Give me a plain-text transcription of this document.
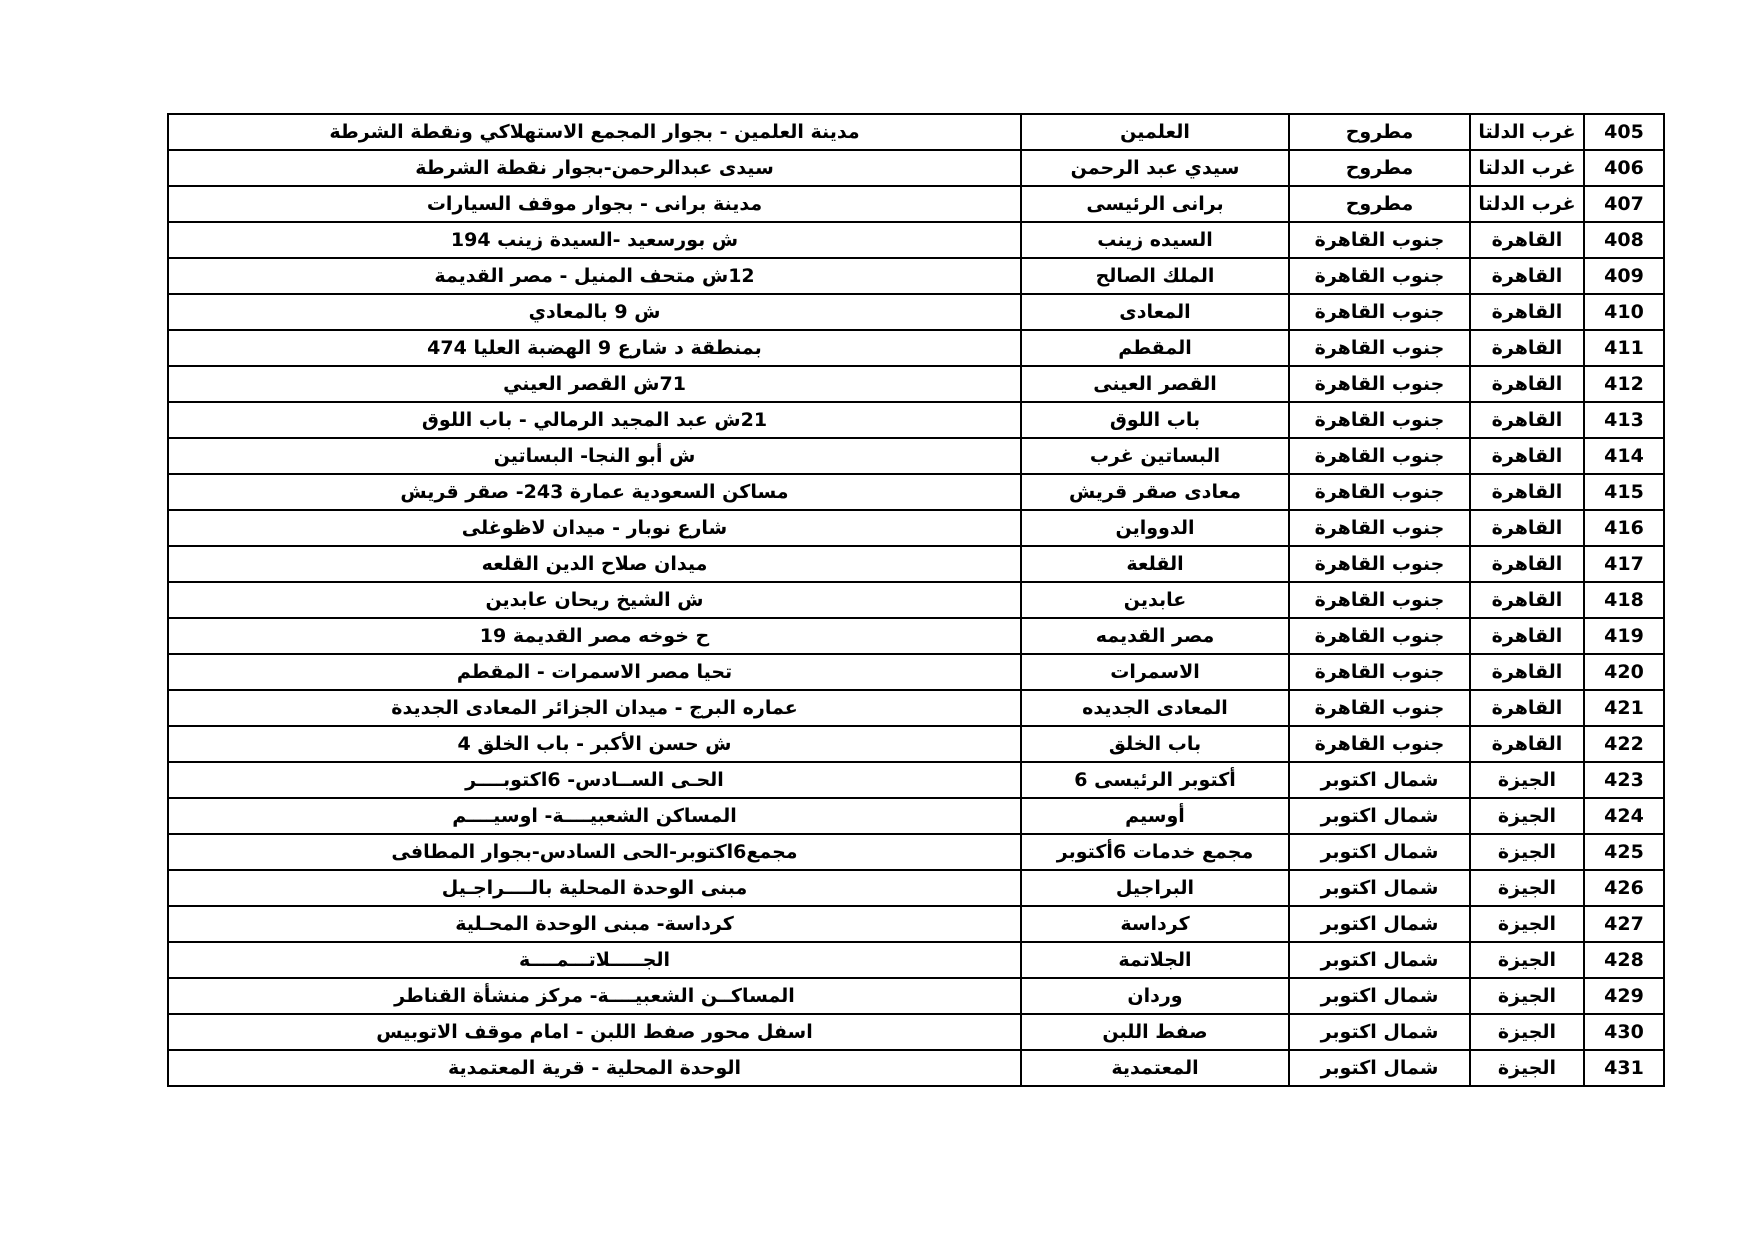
405	غرب الدلتا	مطروح	العلمين	مدينة العلمين - بجوار المجمع الاستهلاكي ونقطة الشرطة
406	غرب الدلتا	مطروح	سيدي عبد الرحمن	سيدى عبدالرحمن-بجوار نقطة الشرطة
407	غرب الدلتا	مطروح	برانى الرئيسى	مدينة برانى - بجوار موقف السيارات
408	القاهرة	جنوب القاهرة	السيده زينب	ش بورسعيد -السيدة زينب 194
409	القاهرة	جنوب القاهرة	الملك الصالح	12ش متحف المنيل - مصر القديمة
410	القاهرة	جنوب القاهرة	المعادى	ش 9 بالمعادي
411	القاهرة	جنوب القاهرة	المقطم	بمنطقة د شارع 9 الهضبة العليا 474
412	القاهرة	جنوب القاهرة	القصر العينى	71ش القصر العيني
413	القاهرة	جنوب القاهرة	باب اللوق	21ش عبد المجيد الرمالي - باب اللوق
414	القاهرة	جنوب القاهرة	البساتين غرب	ش أبو النجا- البساتين
415	القاهرة	جنوب القاهرة	معادى صقر قريش	مساكن السعودية عمارة 243- صقر قريش
416	القاهرة	جنوب القاهرة	الدوواين	شارع نوبار - ميدان لاظوغلى
417	القاهرة	جنوب القاهرة	القلعة	ميدان صلاح الدين القلعه
418	القاهرة	جنوب القاهرة	عابدين	ش الشيخ ريحان عابدين
419	القاهرة	جنوب القاهرة	مصر القديمه	ح خوخه مصر القديمة 19
420	القاهرة	جنوب القاهرة	الاسمرات	تحيا مصر الاسمرات - المقطم
421	القاهرة	جنوب القاهرة	المعادى الجديده	عماره البرج - ميدان الجزائر المعادى الجديدة
422	القاهرة	جنوب القاهرة	باب الخلق	ش حسن الأكبر - باب الخلق 4
423	الجيزة	شمال اكتوبر	أكتوبر الرئيسى 6	الحـى الســادس- 6اكتوبــــر
424	الجيزة	شمال اكتوبر	أوسيم	المساكن الشعبيــــة- اوسيــــم
425	الجيزة	شمال اكتوبر	مجمع خدمات 6أكتوبر	مجمع6اكتوبر-الحى السادس-بجوار المطافى
426	الجيزة	شمال اكتوبر	البراجيل	مبنى الوحدة المحلية بالــــراجـيل
427	الجيزة	شمال اكتوبر	كرداسة	كرداسة- مبنى الوحدة المحـلية
428	الجيزة	شمال اكتوبر	الجلاتمة	الجـــــلاتـــمــــة
429	الجيزة	شمال اكتوبر	وردان	المساكــن الشعبيــــة- مركز منشأة القناطر
430	الجيزة	شمال اكتوبر	صفط اللبن	اسفل محور صفط اللبن - امام موقف الاتوبيس
431	الجيزة	شمال اكتوبر	المعتمدية	الوحدة المحلية - قرية المعتمدية
